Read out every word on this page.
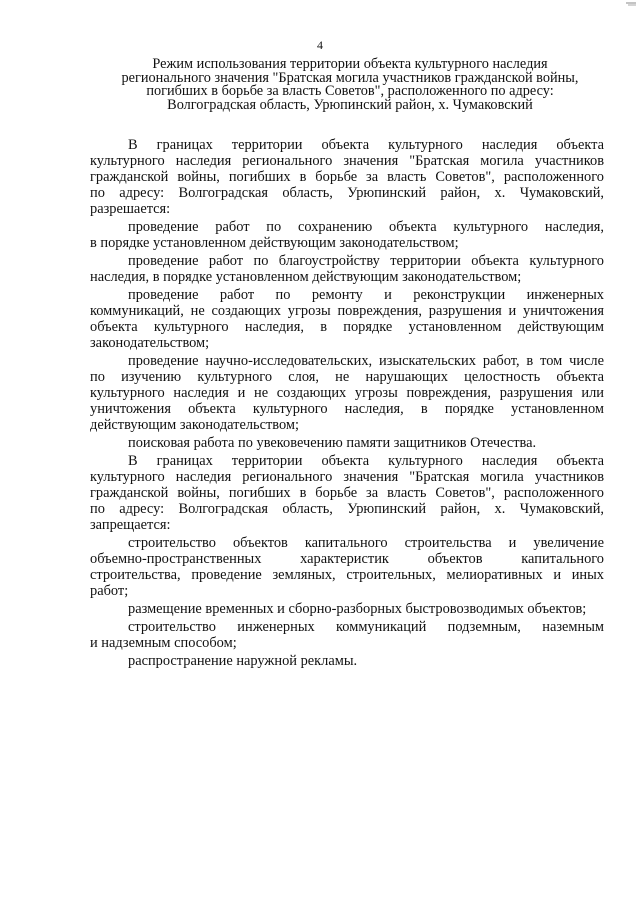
4
Режим использования территории объекта культурного наследия
регионального значения "Братская могила участников гражданской войны,
погибших в борьбе за власть Советов", расположенного по адресу:
Волгоградская область, Урюпинский район, х. Чумаковский
В границах территории объекта культурного наследия объекта
культурного наследия регионального значения "Братская могила участников
гражданской войны, погибших в борьбе за власть Советов", расположенного
по адресу: Волгоградская область, Урюпинский район, х. Чумаковский,
разрешается:
проведение работ по сохранению объекта культурного наследия,
в порядке установленном действующим законодательством;
проведение работ по благоустройству территории объекта культурного
наследия, в порядке установленном действующим законодательством;
проведение работ по ремонту и реконструкции инженерных
коммуникаций, не создающих угрозы повреждения, разрушения и уничтожения
объекта культурного наследия, в порядке установленном действующим
законодательством;
проведение научно-исследовательских, изыскательских работ, в том числе
по изучению культурного слоя, не нарушающих целостность объекта
культурного наследия и не создающих угрозы повреждения, разрушения или
уничтожения объекта культурного наследия, в порядке установленном
действующим законодательством;
поисковая работа по увековечению памяти защитников Отечества.
В границах территории объекта культурного наследия объекта
культурного наследия регионального значения "Братская могила участников
гражданской войны, погибших в борьбе за власть Советов", расположенного
по адресу: Волгоградская область, Урюпинский район, х. Чумаковский,
запрещается:
строительство объектов капитального строительства и увеличение
объемно-пространственных характеристик объектов капитального
строительства, проведение земляных, строительных, мелиоративных и иных
работ;
размещение временных и сборно-разборных быстровозводимых объектов;
строительство инженерных коммуникаций подземным, наземным
и надземным способом;
распространение наружной рекламы.
